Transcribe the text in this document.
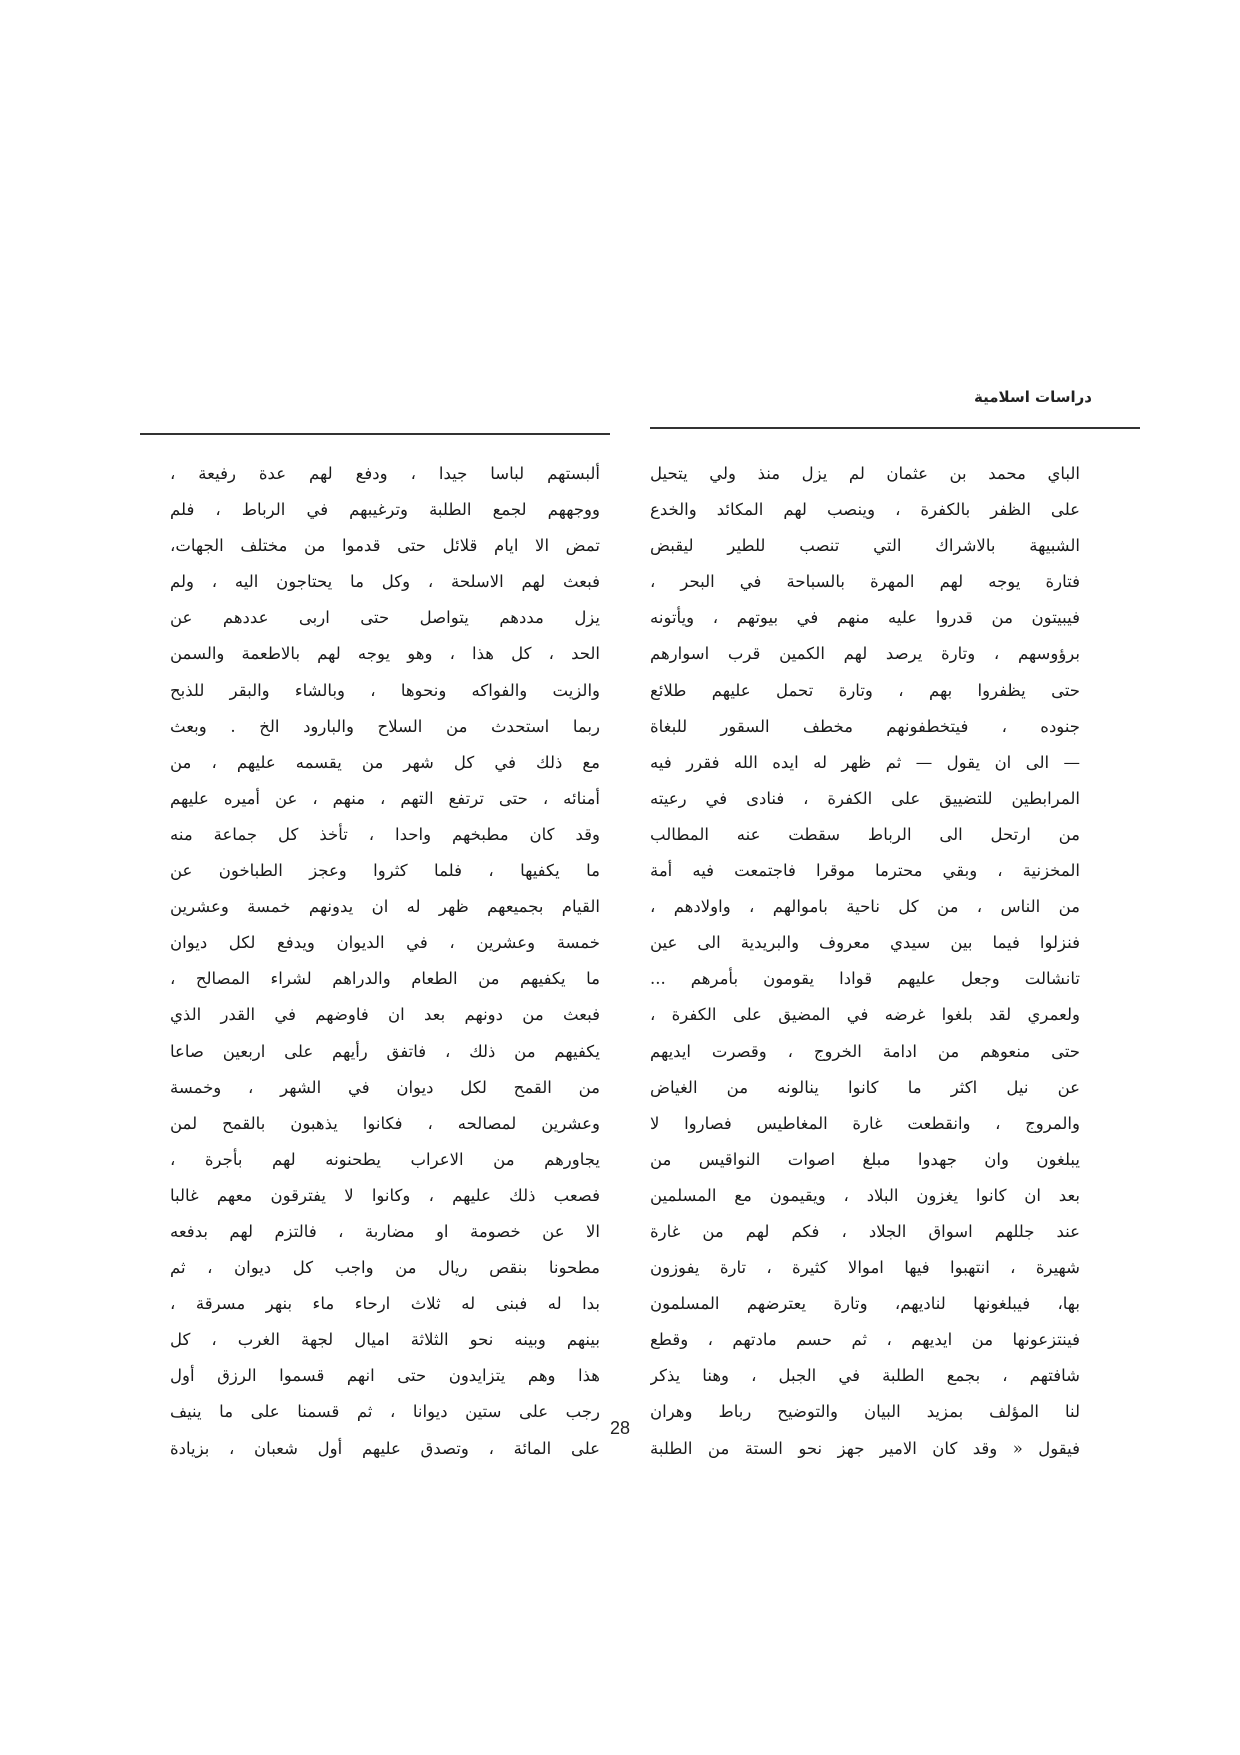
دراسات اسلامية
الباي محمد بن عثمان لم يزل منذ ولي يتحيل
على الظفر بالكفرة ، وينصب لهم المكائد والخدع
الشبيهة بالاشراك التي تنصب للطير ليقبض
فتارة يوجه لهم المهرة بالسباحة في البحر ،
فيبيتون من قدروا عليه منهم في بيوتهم ، ويأتونه
برؤوسهم ، وتارة يرصد لهم الكمين قرب اسوارهم
حتى يظفروا بهم ، وتارة تحمل عليهم طلائع
جنوده ، فيتخطفونهم مخطف السقور للبغاة
— الى ان يقول — ثم ظهر له ايده الله فقرر فيه
المرابطين للتضييق على الكفرة ، فنادى في رعيته
من ارتحل الى الرباط سقطت عنه المطالب
المخزنية ، وبقي محترما موقرا فاجتمعت فيه أمة
من الناس ، من كل ناحية باموالهم ، واولادهم ،
فنزلوا فيما بين سيدي معروف والبريدية الى عين
تانشالت وجعل عليهم قوادا يقومون بأمرهم ...
ولعمري لقد بلغوا غرضه في المضيق على الكفرة ،
حتى منعوهم من ادامة الخروج ، وقصرت ايديهم
عن نيل اكثر ما كانوا ينالونه من الغياض
والمروج ، وانقطعت غارة المغاطيس فصاروا لا
يبلغون وان جهدوا مبلغ اصوات النواقيس من
بعد ان كانوا يغزون البلاد ، ويقيمون مع المسلمين
عند جللهم اسواق الجلاد ، فكم لهم من غارة
شهيرة ، انتهبوا فيها اموالا كثيرة ، تارة يفوزون
بها، فيبلغونها لناديهم، وتارة يعترضهم المسلمون
فينتزعونها من ايديهم ، ثم حسم مادتهم ، وقطع
شافتهم ، بجمع الطلبة في الجبل ، وهنا يذكر
لنا المؤلف بمزيد البيان والتوضيح رباط وهران
فيقول « وقد كان الامير جهز نحو الستة من الطلبة
ألبستهم لباسا جيدا ، ودفع لهم عدة رفيعة ،
ووجههم لجمع الطلبة وترغيبهم في الرباط ، فلم
تمض الا ايام قلائل حتى قدموا من مختلف الجهات،
فبعث لهم الاسلحة ، وكل ما يحتاجون اليه ، ولم
يزل مددهم يتواصل حتى اربى عددهم عن
الحد ، كل هذا ، وهو يوجه لهم بالاطعمة والسمن
والزيت والفواكه ونحوها ، وبالشاء والبقر للذبح
ربما استحدث من السلاح والبارود الخ . وبعث
مع ذلك في كل شهر من يقسمه عليهم ، من
أمنائه ، حتى ترتفع التهم ، منهم ، عن أميره عليهم
وقد كان مطبخهم واحدا ، تأخذ كل جماعة منه
ما يكفيها ، فلما كثروا وعجز الطباخون عن
القيام بجميعهم ظهر له ان يدونهم خمسة وعشرين
خمسة وعشرين ، في الديوان ويدفع لكل ديوان
ما يكفيهم من الطعام والدراهم لشراء المصالح ،
فبعث من دونهم بعد ان فاوضهم في القدر الذي
يكفيهم من ذلك ، فاتفق رأيهم على اربعين صاعا
من القمح لكل ديوان في الشهر ، وخمسة
وعشرين لمصالحه ، فكانوا يذهبون بالقمح لمن
يجاورهم من الاعراب يطحنونه لهم بأجرة ،
فصعب ذلك عليهم ، وكانوا لا يفترقون معهم غالبا
الا عن خصومة او مضاربة ، فالتزم لهم بدفعه
مطحونا بنقص ريال من واجب كل ديوان ، ثم
بدا له فبنى له ثلاث ارحاء ماء بنهر مسرقة ،
بينهم وبينه نحو الثلاثة اميال لجهة الغرب ، كل
هذا وهم يتزايدون حتى انهم قسموا الرزق أول
رجب على ستين ديوانا ، ثم قسمنا على ما ينيف
على المائة ، وتصدق عليهم أول شعبان ، بزيادة
28
